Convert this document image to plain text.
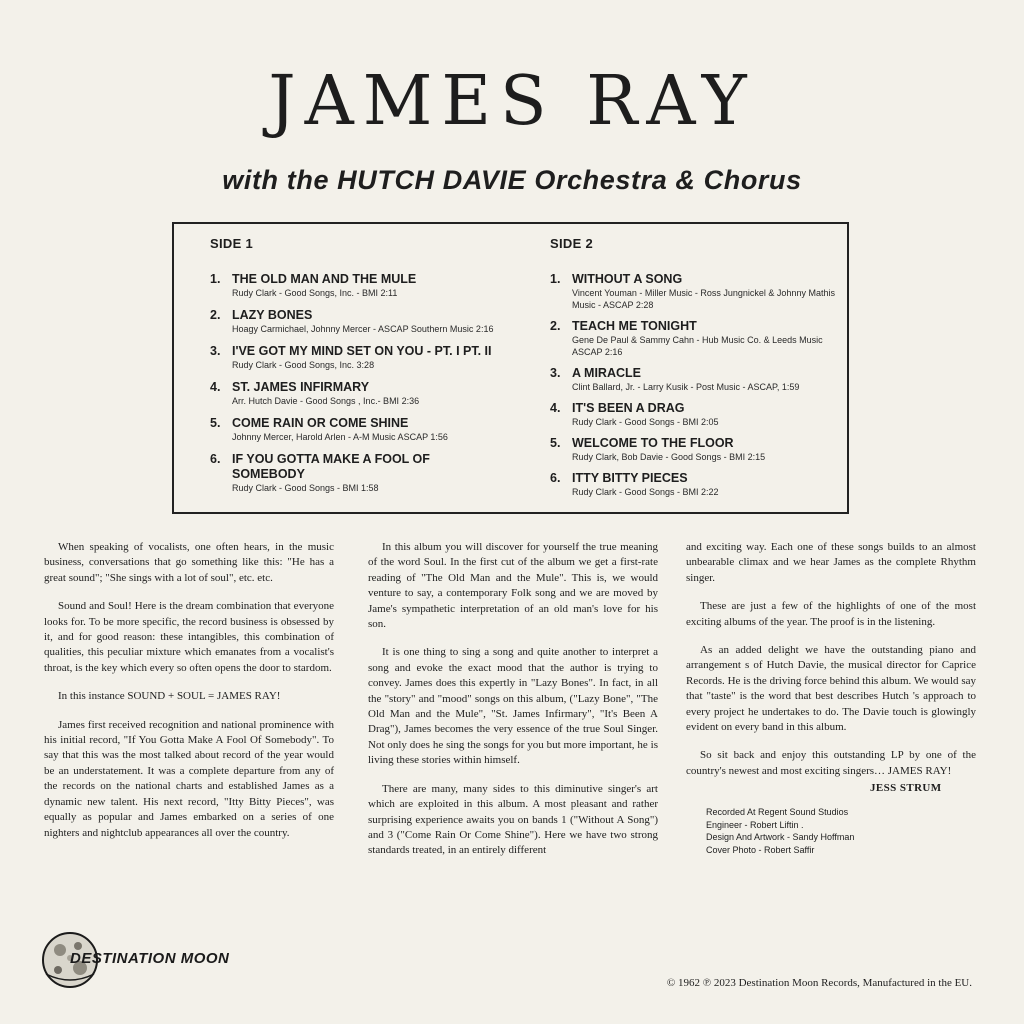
JAMES RAY
with the HUTCH DAVIE Orchestra & Chorus
SIDE 1
1. THE OLD MAN AND THE MULE
Rudy Clark - Good Songs, Inc. - BMI 2:11
2. LAZY BONES
Hoagy Carmichael, Johnny Mercer - ASCAP Southern Music 2:16
3. I'VE GOT MY MIND SET ON YOU - PT. I PT. II
Rudy Clark - Good Songs, Inc. 3:28
4. ST. JAMES INFIRMARY
Arr. Hutch Davie - Good Songs , Inc.- BMI 2:36
5. COME RAIN OR COME SHINE
Johnny Mercer, Harold Arlen - A-M Music ASCAP 1:56
6. IF YOU GOTTA MAKE A FOOL OF SOMEBODY
Rudy Clark - Good Songs - BMI 1:58
SIDE 2
1. WITHOUT A SONG
Vincent Youman - Miller Music - Ross Jungnickel & Johnny Mathis Music - ASCAP 2:28
2. TEACH ME TONIGHT
Gene De Paul & Sammy Cahn - Hub Music Co. & Leeds Music ASCAP 2:16
3. A MIRACLE
Clint Ballard, Jr. - Larry Kusik - Post Music - ASCAP, 1:59
4. IT'S BEEN A DRAG
Rudy Clark - Good Songs - BMI 2:05
5. WELCOME TO THE FLOOR
Rudy Clark, Bob Davie - Good Songs - BMI 2:15
6. ITTY BITTY PIECES
Rudy Clark - Good Songs - BMI 2:22

When speaking of vocalists, one often hears, in the music business, conversations that go something like this: "He has a great sound"; "She sings with a lot of soul", etc. etc.

Sound and Soul! Here is the dream combination that everyone looks for. To be more specific, the record business is obsessed by it, and for good reason: these intangibles, this combination of qualities, this peculiar mixture which emanates from a vocalist's throat, is the key which every so often opens the door to stardom.

In this instance SOUND + SOUL = JAMES RAY!

James first received recognition and national prominence with his initial record, "If You Gotta Make A Fool Of Somebody". To say that this was the most talked about record of the year would be an understatement. It was a complete departure from any of the records on the national charts and established James as a dynamic new talent. His next record, "Itty Bitty Pieces", was equally as popular and James embarked on a series of one nighters and nightclub appearances all over the country.

In this album you will discover for yourself the true meaning of the word Soul. In the first cut of the album we get a first-rate reading of "The Old Man and the Mule". This is, we would venture to say, a contemporary Folk song and we are moved by Jame's sympathetic interpretation of an old man's love for his son.

It is one thing to sing a song and quite another to interpret a song and evoke the exact mood that the author is trying to convey. James does this expertly in "Lazy Bones". In fact, in all the "story" and "mood" songs on this album, ("Lazy Bone", "The Old Man and the Mule", "St. James Infirmary", "It's Been A Drag"), James becomes the very essence of the true Soul Singer. Not only does he sing the songs for you but more important, he is living these stories within himself.

There are many, many sides to this diminutive singer's art which are exploited in this album. A most pleasant and rather surprising experience awaits you on bands 1 ("Without A Song") and 3 ("Come Rain Or Come Shine"). Here we have two strong standards treated, in an entirely different

and exciting way. Each one of these songs builds to an almost unbearable climax and we hear James as the complete Rhythm singer.

These are just a few of the highlights of one of the most exciting albums of the year. The proof is in the listening.

As an added delight we have the outstanding piano and arrangement s of Hutch Davie, the musical director for Caprice Records. He is the driving force behind this album. We would say that "taste" is the word that best describes Hutch 's approach to every project he undertakes to do. The Davie touch is glowingly evident on every band in this album.

So sit back and enjoy this outstanding LP by one of the country's newest and most exciting singers… JAMES RAY!

JESS STRUM
Recorded At Regent Sound Studios
Engineer - Robert Liftin .
Design And Artwork - Sandy Hoffman
Cover Photo - Robert Saffir
DESTINATION MOON
© 1962 ℗ 2023 Destination Moon Records, Manufactured in the EU.
